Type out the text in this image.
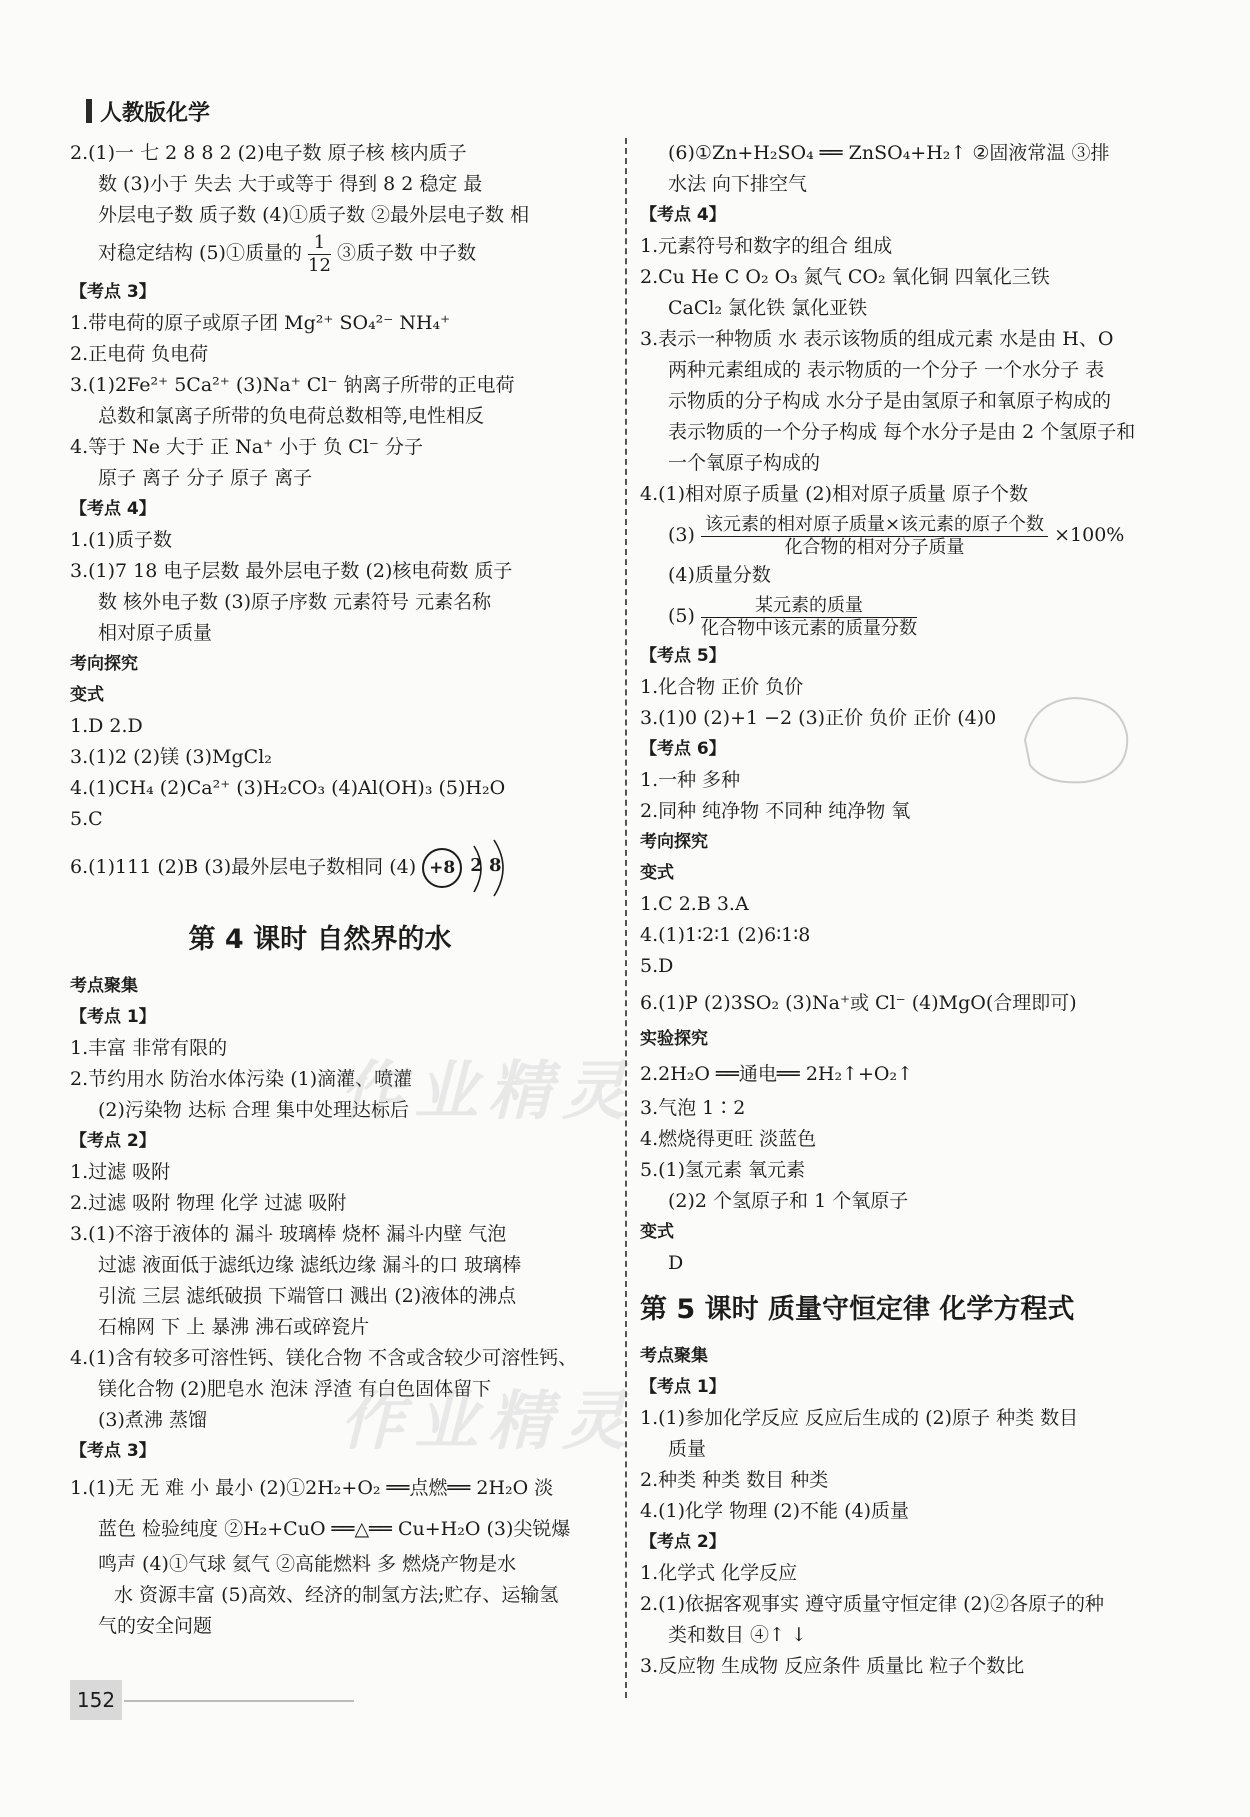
人教版化学
2.(1)一 七 2 8 8 2 (2)电子数 原子核 核内质子
数 (3)小于 失去 大于或等于 得到 8 2 稳定 最
外层电子数 质子数 (4)①质子数 ②最外层电子数 相
对稳定结构 (5)①质量的 $\frac{1}{12}$ ③质子数 中子数
【考点 3】
1.带电荷的原子或原子团 Mg²⁺ SO₄²⁻ NH₄⁺
2.正电荷 负电荷
3.(1)2Fe²⁺ 5Ca²⁺ (3)Na⁺ Cl⁻ 钠离子所带的正电荷
总数和氯离子所带的负电荷总数相等,电性相反
4.等于 Ne 大于 正 Na⁺ 小于 负 Cl⁻ 分子
原子 离子 分子 原子 离子
【考点 4】
1.(1)质子数
3.(1)7 18 电子层数 最外层电子数 (2)核电荷数 质子
数 核外电子数 (3)原子序数 元素符号 元素名称
相对原子质量
考向探究
变式
1.D 2.D
3.(1)2 (2)镁 (3)MgCl₂
4.(1)CH₄ (2)Ca²⁺ (3)H₂CO₃ (4)Al(OH)₃ (5)H₂O
5.C
6.(1)111 (2)B (3)最外层电子数相同 (4) +8 2 8
第 4 课时 自然界的水
考点聚集
【考点 1】
1.丰富 非常有限的
2.节约用水 防治水体污染 (1)滴灌、喷灌
(2)污染物 达标 合理 集中处理达标后
【考点 2】
1.过滤 吸附
2.过滤 吸附 物理 化学 过滤 吸附
3.(1)不溶于液体的 漏斗 玻璃棒 烧杯 漏斗内壁 气泡
过滤 液面低于滤纸边缘 滤纸边缘 漏斗的口 玻璃棒
引流 三层 滤纸破损 下端管口 溅出 (2)液体的沸点
石棉网 下 上 暴沸 沸石或碎瓷片
4.(1)含有较多可溶性钙、镁化合物 不含或含较少可溶性钙、
镁化合物 (2)肥皂水 泡沫 浮渣 有白色固体留下
(3)煮沸 蒸馏
【考点 3】
1.(1)无 无 难 小 最小 (2)①2H₂+O₂ ══点燃══ 2H₂O 淡
蓝色 检验纯度 ②H₂+CuO ══△══ Cu+H₂O (3)尖锐爆
鸣声 (4)①气球 氦气 ②高能燃料 多 燃烧产物是水
水 资源丰富 (5)高效、经济的制氢方法;贮存、运输氢
气的安全问题
(6)①Zn+H₂SO₄ ══ ZnSO₄+H₂↑ ②固液常温 ③排
水法 向下排空气
【考点 4】
1.元素符号和数字的组合 组成
2.Cu He C O₂ O₃ 氮气 CO₂ 氧化铜 四氧化三铁
CaCl₂ 氯化铁 氯化亚铁
3.表示一种物质 水 表示该物质的组成元素 水是由 H、O
两种元素组成的 表示物质的一个分子 一个水分子 表
示物质的分子构成 水分子是由氢原子和氧原子构成的
表示物质的一个分子构成 每个水分子是由 2 个氢原子和
一个氧原子构成的
4.(1)相对原子质量 (2)相对原子质量 原子个数
$(3) \frac{\text{该元素的相对原子质量×该元素的原子个数}}{\text{化合物的相对分子质量}} \times 100\%$
(4)质量分数
$(5) \frac{\text{某元素的质量}}{\text{化合物中该元素的质量分数}}$
【考点 5】
1.化合物 正价 负价
3.(1)0 (2)+1 −2 (3)正价 负价 正价 (4)0
【考点 6】
1.一种 多种
2.同种 纯净物 不同种 纯净物 氧
考向探究
变式
1.C 2.B 3.A
4.(1)1∶2∶1 (2)6∶1∶8
5.D
6.(1)P (2)3SO₂ (3)Na⁺或 Cl⁻ (4)MgO(合理即可)
实验探究
2.2H₂O ══通电══ 2H₂↑+O₂↑
3.气泡 1∶2
4.燃烧得更旺 淡蓝色
5.(1)氢元素 氧元素
(2)2 个氢原子和 1 个氧原子
变式
D
第 5 课时 质量守恒定律 化学方程式
考点聚集
【考点 1】
1.(1)参加化学反应 反应后生成的 (2)原子 种类 数目
质量
2.种类 种类 数目 种类
4.(1)化学 物理 (2)不能 (4)质量
【考点 2】
1.化学式 化学反应
2.(1)依据客观事实 遵守质量守恒定律 (2)②各原子的种
类和数目 ④↑ ↓
3.反应物 生成物 反应条件 质量比 粒子个数比
作业精灵
作业精灵
152
